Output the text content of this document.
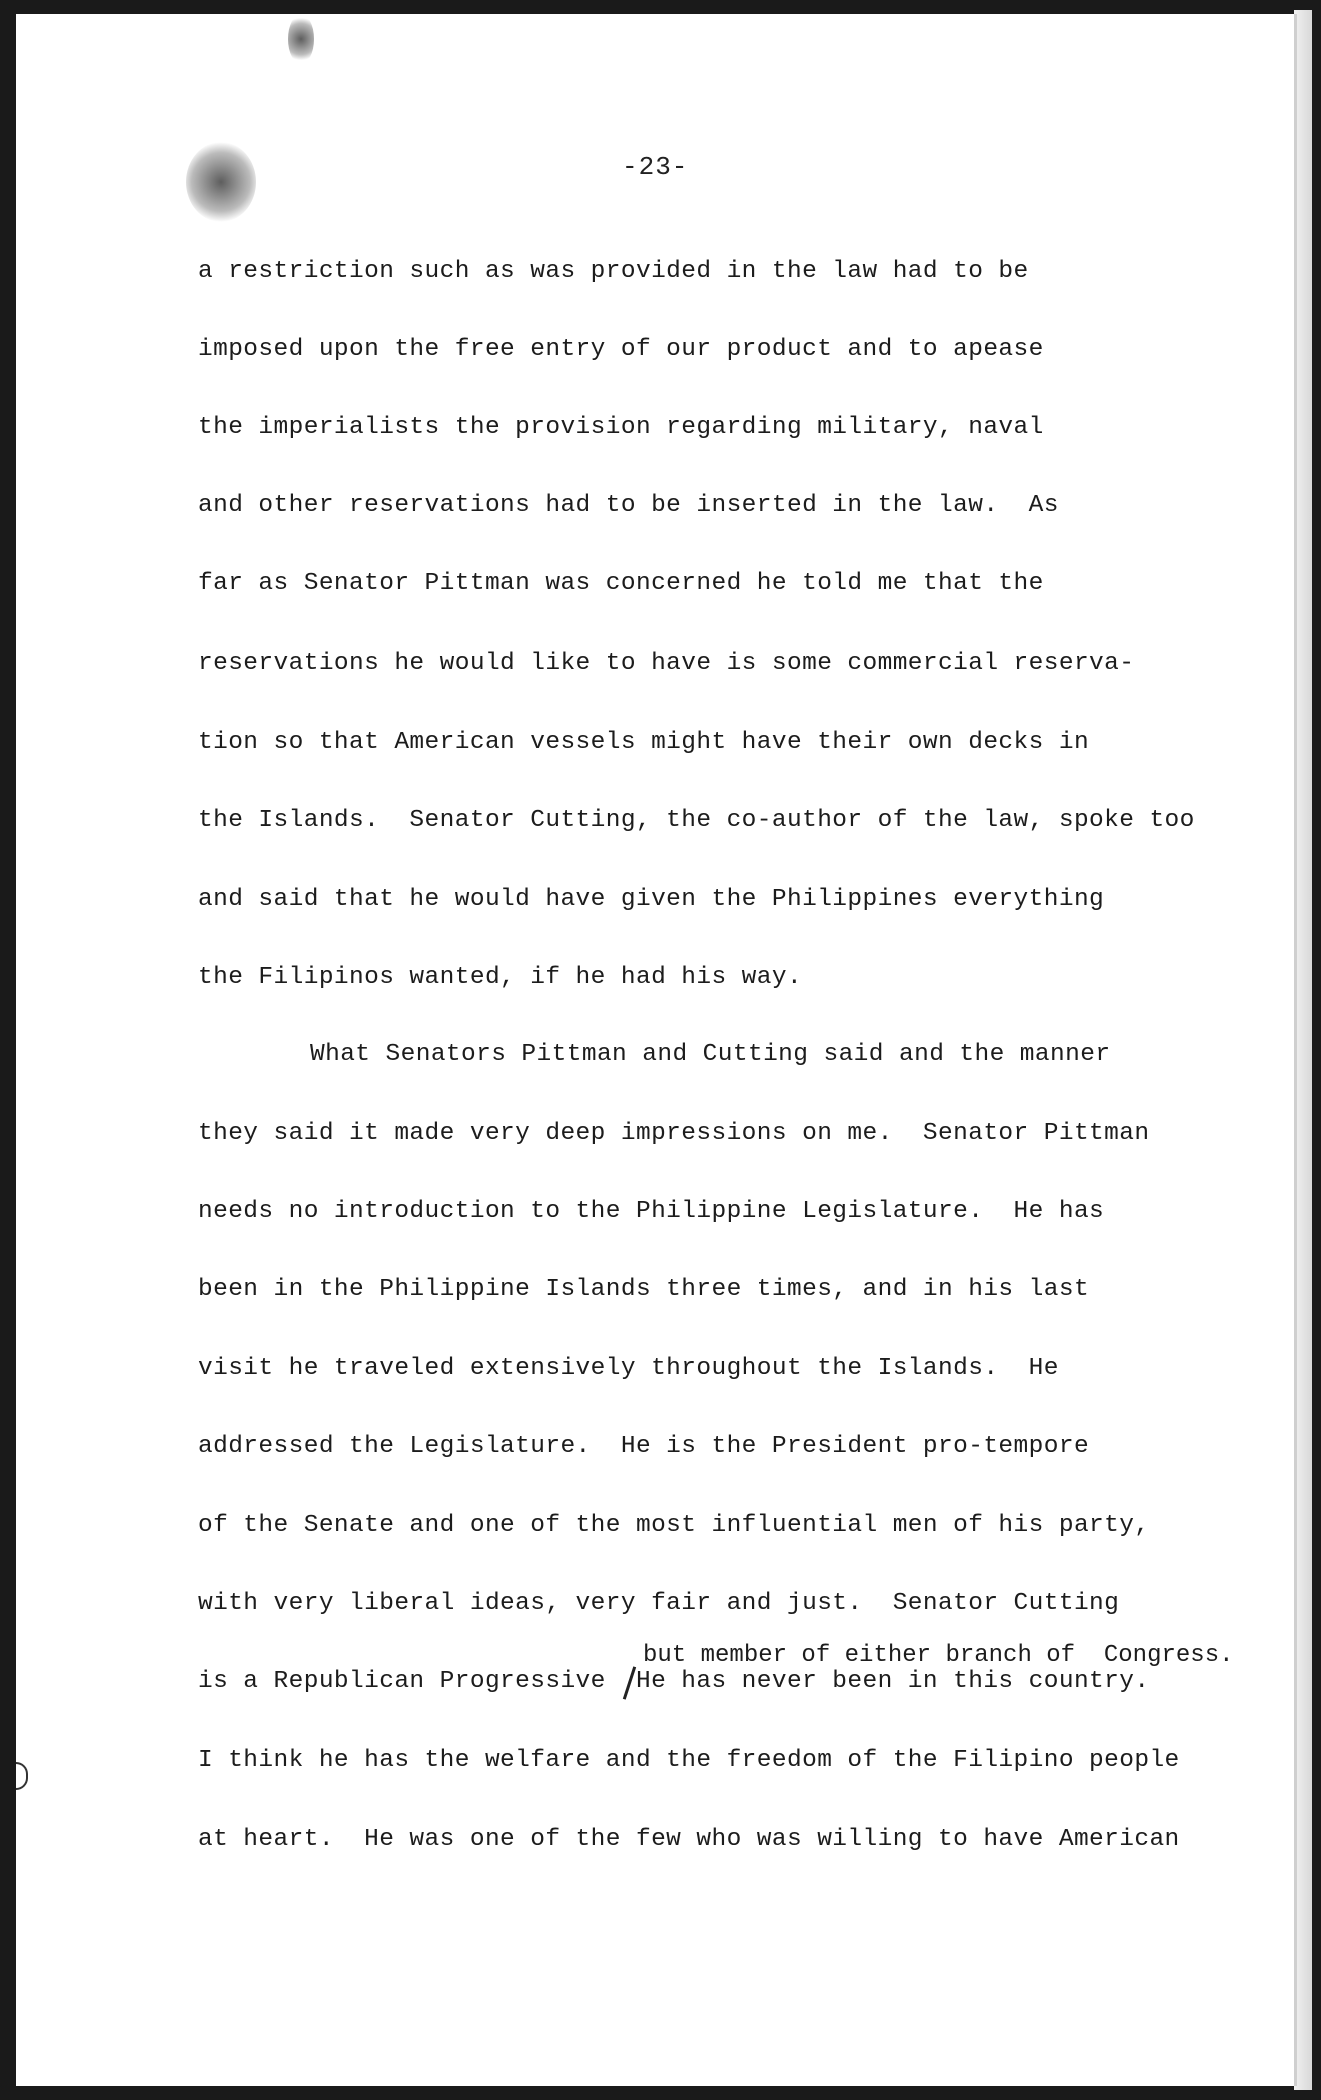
-23-
a restriction such as was provided in the law had to be
imposed upon the free entry of our product and to apease
the imperialists the provision regarding military, naval
and other reservations had to be inserted in the law.  As
far as Senator Pittman was concerned he told me that the
reservations he would like to have is some commercial reserva-
tion so that American vessels might have their own decks in
the Islands.  Senator Cutting, the co-author of the law, spoke too
and said that he would have given the Philippines everything
the Filipinos wanted, if he had his way.
What Senators Pittman and Cutting said and the manner
they said it made very deep impressions on me.  Senator Pittman
needs no introduction to the Philippine Legislature.  He has
been in the Philippine Islands three times, and in his last
visit he traveled extensively throughout the Islands.  He
addressed the Legislature.  He is the President pro-tempore
of the Senate and one of the most influential men of his party,
with very liberal ideas, very fair and just.  Senator Cutting
but member of either branch of  Congress.
is a Republican Progressive  He has never been in this country.
I think he has the welfare and the freedom of the Filipino people
at heart.  He was one of the few who was willing to have American
